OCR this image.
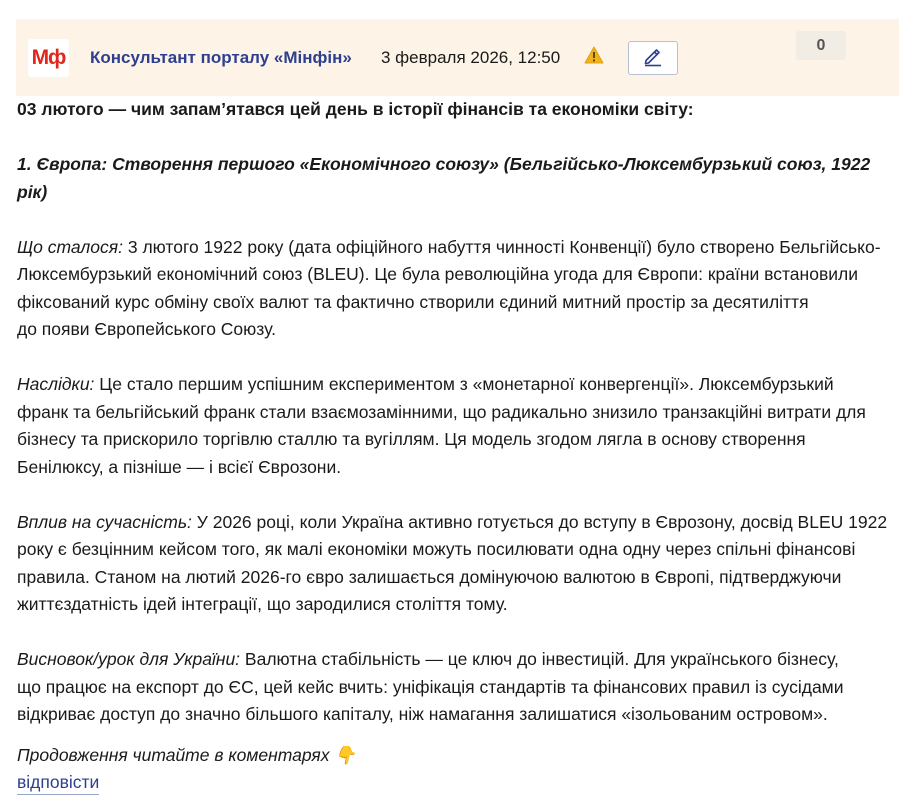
Мф Консультант порталу «Мінфін» 3 февраля 2026, 12:50
0

03 лютого — чим запам’ятався цей день в історії фінансів та економіки світу:

1. Європа: Створення першого «Економічного союзу» (Бельгійсько-Люксембурзький союз, 1922 рік)

Що сталося: 3 лютого 1922 року (дата офіційного набуття чинності Конвенції) було створено Бельгійсько-
Люксембурзький економічний союз (BLEU). Це була революційна угода для Європи: країни встановили
фіксований курс обміну своїх валют та фактично створили єдиний митний простір за десятиліття
до появи Європейського Союзу.

Наслідки: Це стало першим успішним експериментом з «монетарної конвергенції». Люксембурзький
франк та бельгійський франк стали взаємозамінними, що радикально знизило транзакційні витрати для
бізнесу та прискорило торгівлю сталлю та вугіллям. Ця модель згодом лягла в основу створення
Бенілюксу, а пізніше — і всієї Єврозони.

Вплив на сучасність: У 2026 році, коли Україна активно готується до вступу в Єврозону, досвід BLEU 1922
року є безцінним кейсом того, як малі економіки можуть посилювати одна одну через спільні фінансові
правила. Станом на лютий 2026-го євро залишається домінуючою валютою в Європі, підтверджуючи
життєздатність ідей інтеграції, що зародилися століття тому.

Висновок/урок для України: Валютна стабільність — це ключ до інвестицій. Для українського бізнесу,
що працює на експорт до ЄС, цей кейс вчить: уніфікація стандартів та фінансових правил із сусідами
відкриває доступ до значно більшого капіталу, ніж намагання залишатися «ізольованим островом».

Продовження читайте в коментарях 👇

відповісти
